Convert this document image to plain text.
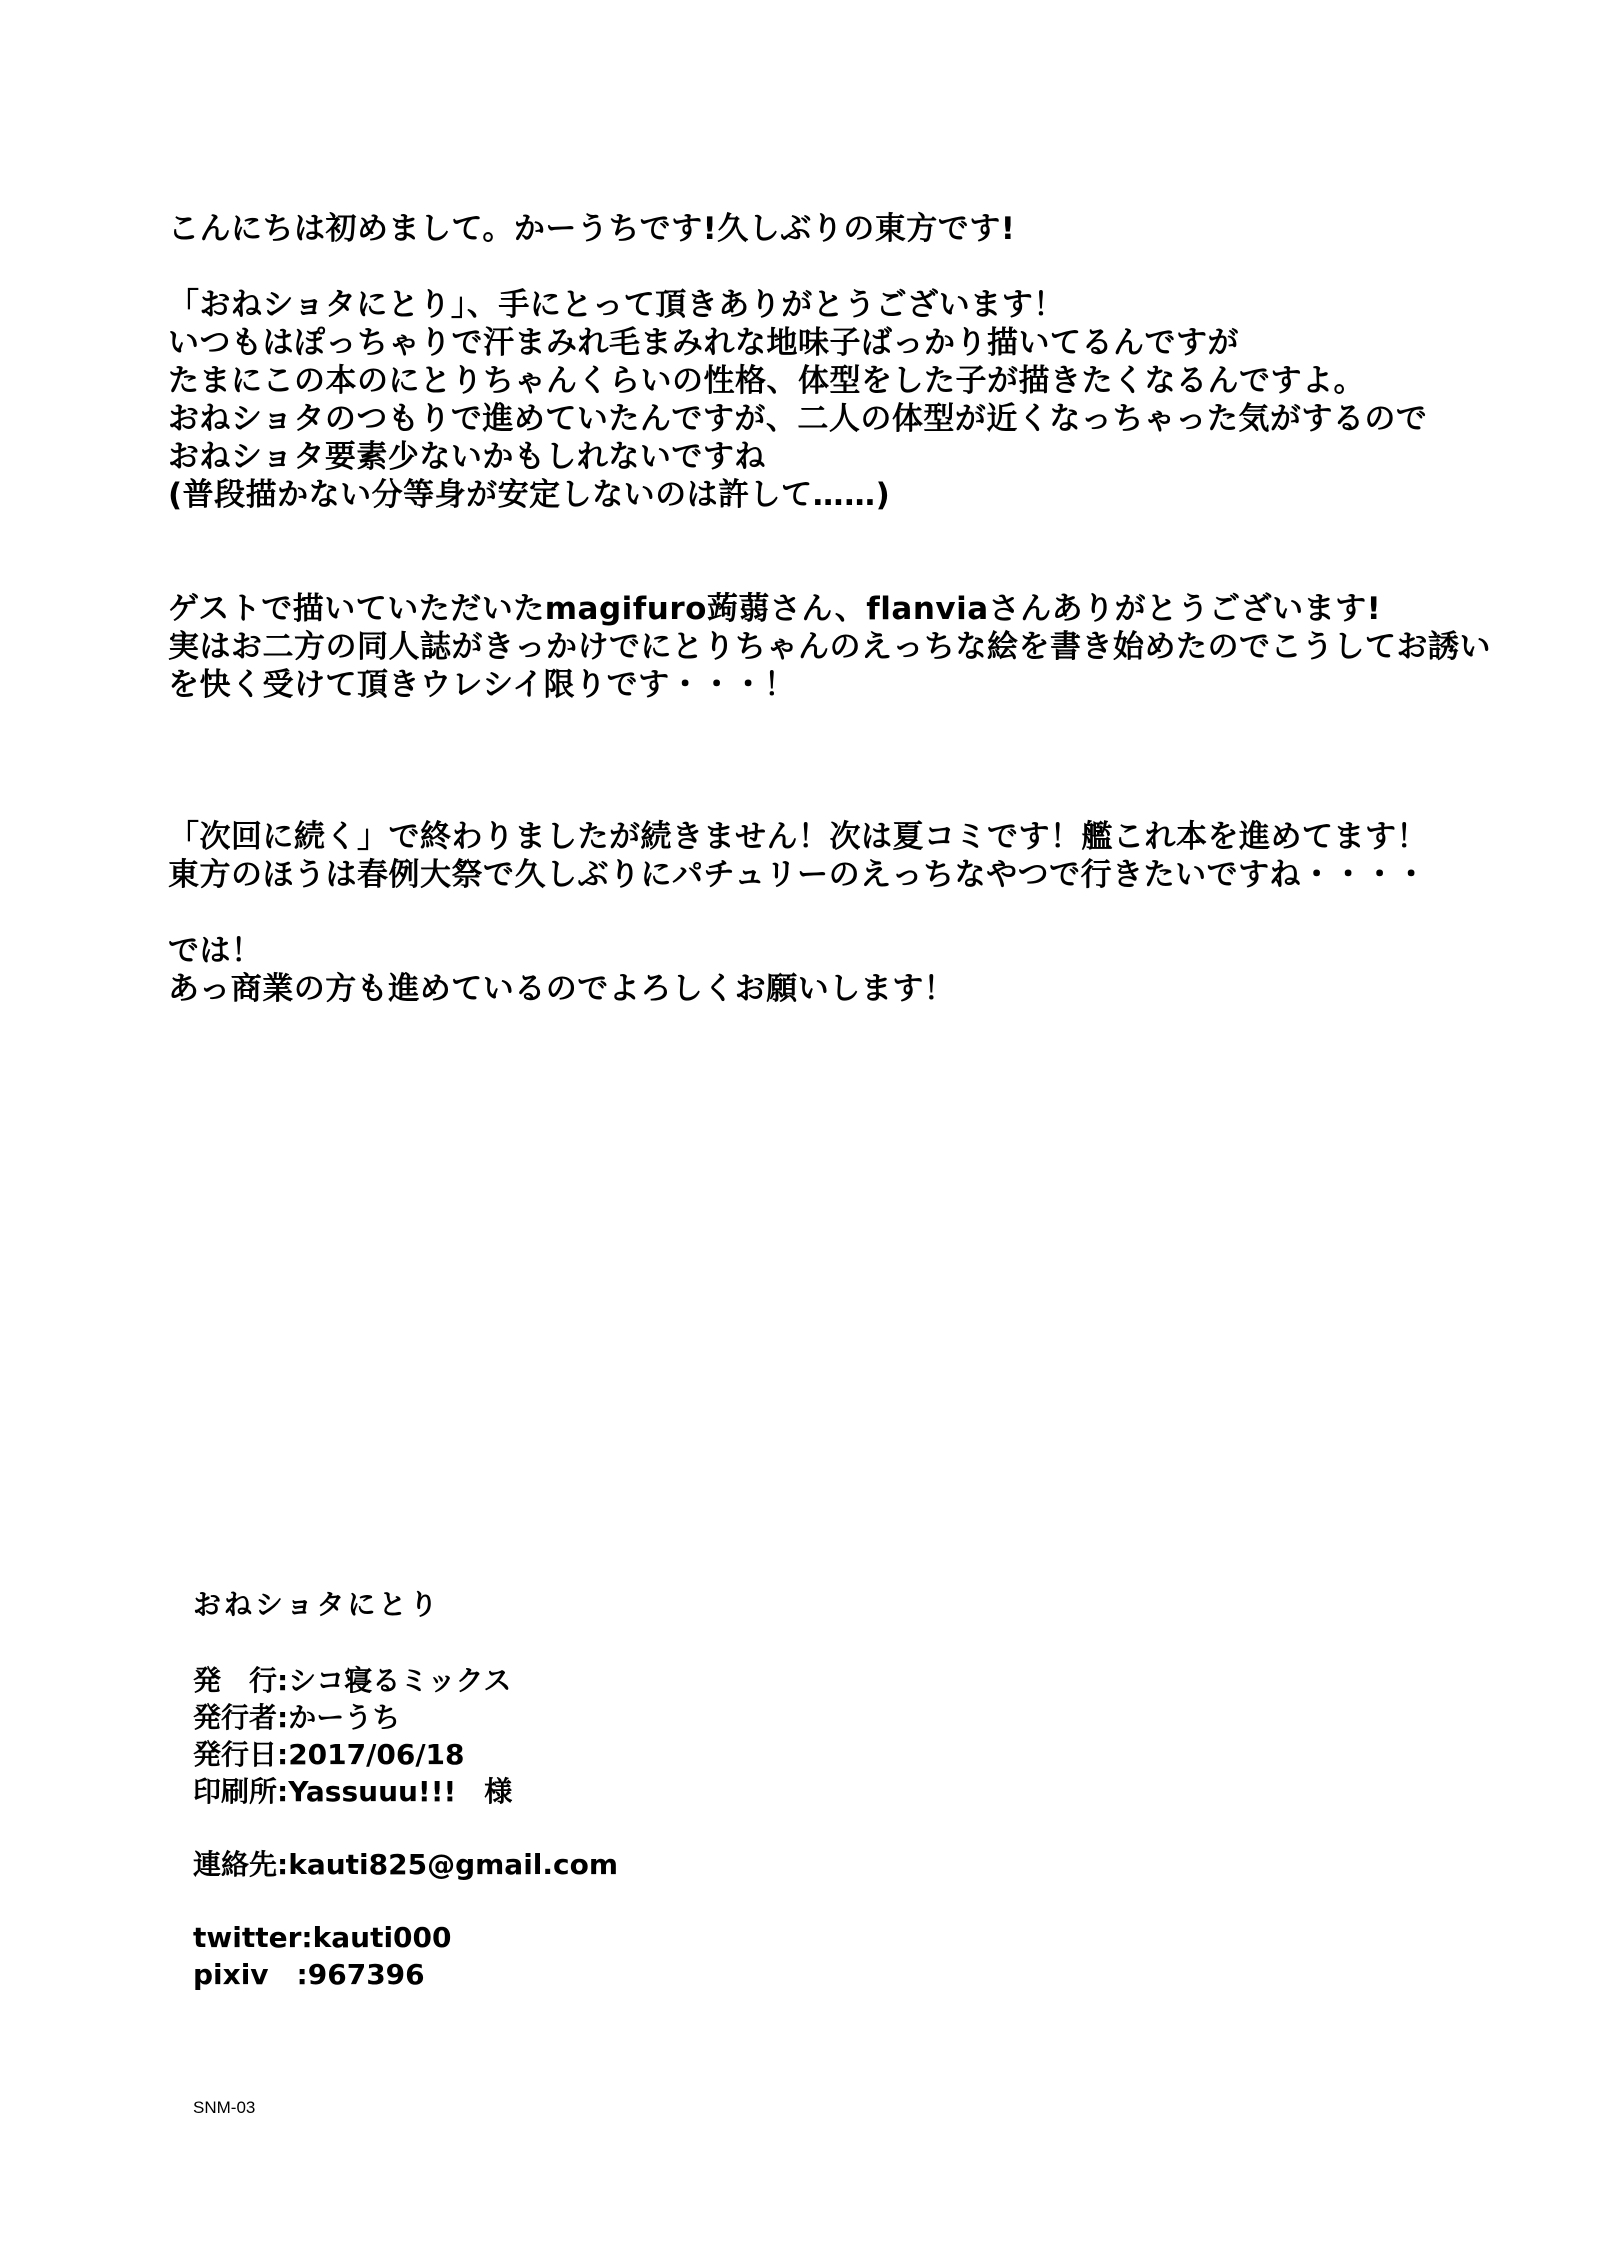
こんにちは初めまして。かーうちです!久しぶりの東方です!

「おねショタにとり」、手にとって頂きありがとうございます！
いつもはぽっちゃりで汗まみれ毛まみれな地味子ばっかり描いてるんですが
たまにこの本のにとりちゃんくらいの性格、体型をした子が描きたくなるんですよ。
おねショタのつもりで進めていたんですが、二人の体型が近くなっちゃった気がするので
おねショタ要素少ないかもしれないですね
(普段描かない分等身が安定しないのは許して……)

ゲストで描いていただいたmagifuro蒟蒻さん、flanviaさんありがとうございます!
実はお二方の同人誌がきっかけでにとりちゃんのえっちな絵を書き始めたのでこうしてお誘い
を快く受けて頂きウレシイ限りです・・・！

「次回に続く」で終わりましたが続きません！次は夏コミです！艦これ本を進めてます！
東方のほうは春例大祭で久しぶりにパチュリーのえっちなやつで行きたいですね・・・・

では！
あっ商業の方も進めているのでよろしくお願いします！

おねショタにとり
発　行:シコ寝るミックス
発行者:かーうち
発行日:2017/06/18
印刷所:Yassuuu!!!　様
連絡先:kauti825@gmail.com
twitter:kauti000
pixiv　:967396
SNM-03
